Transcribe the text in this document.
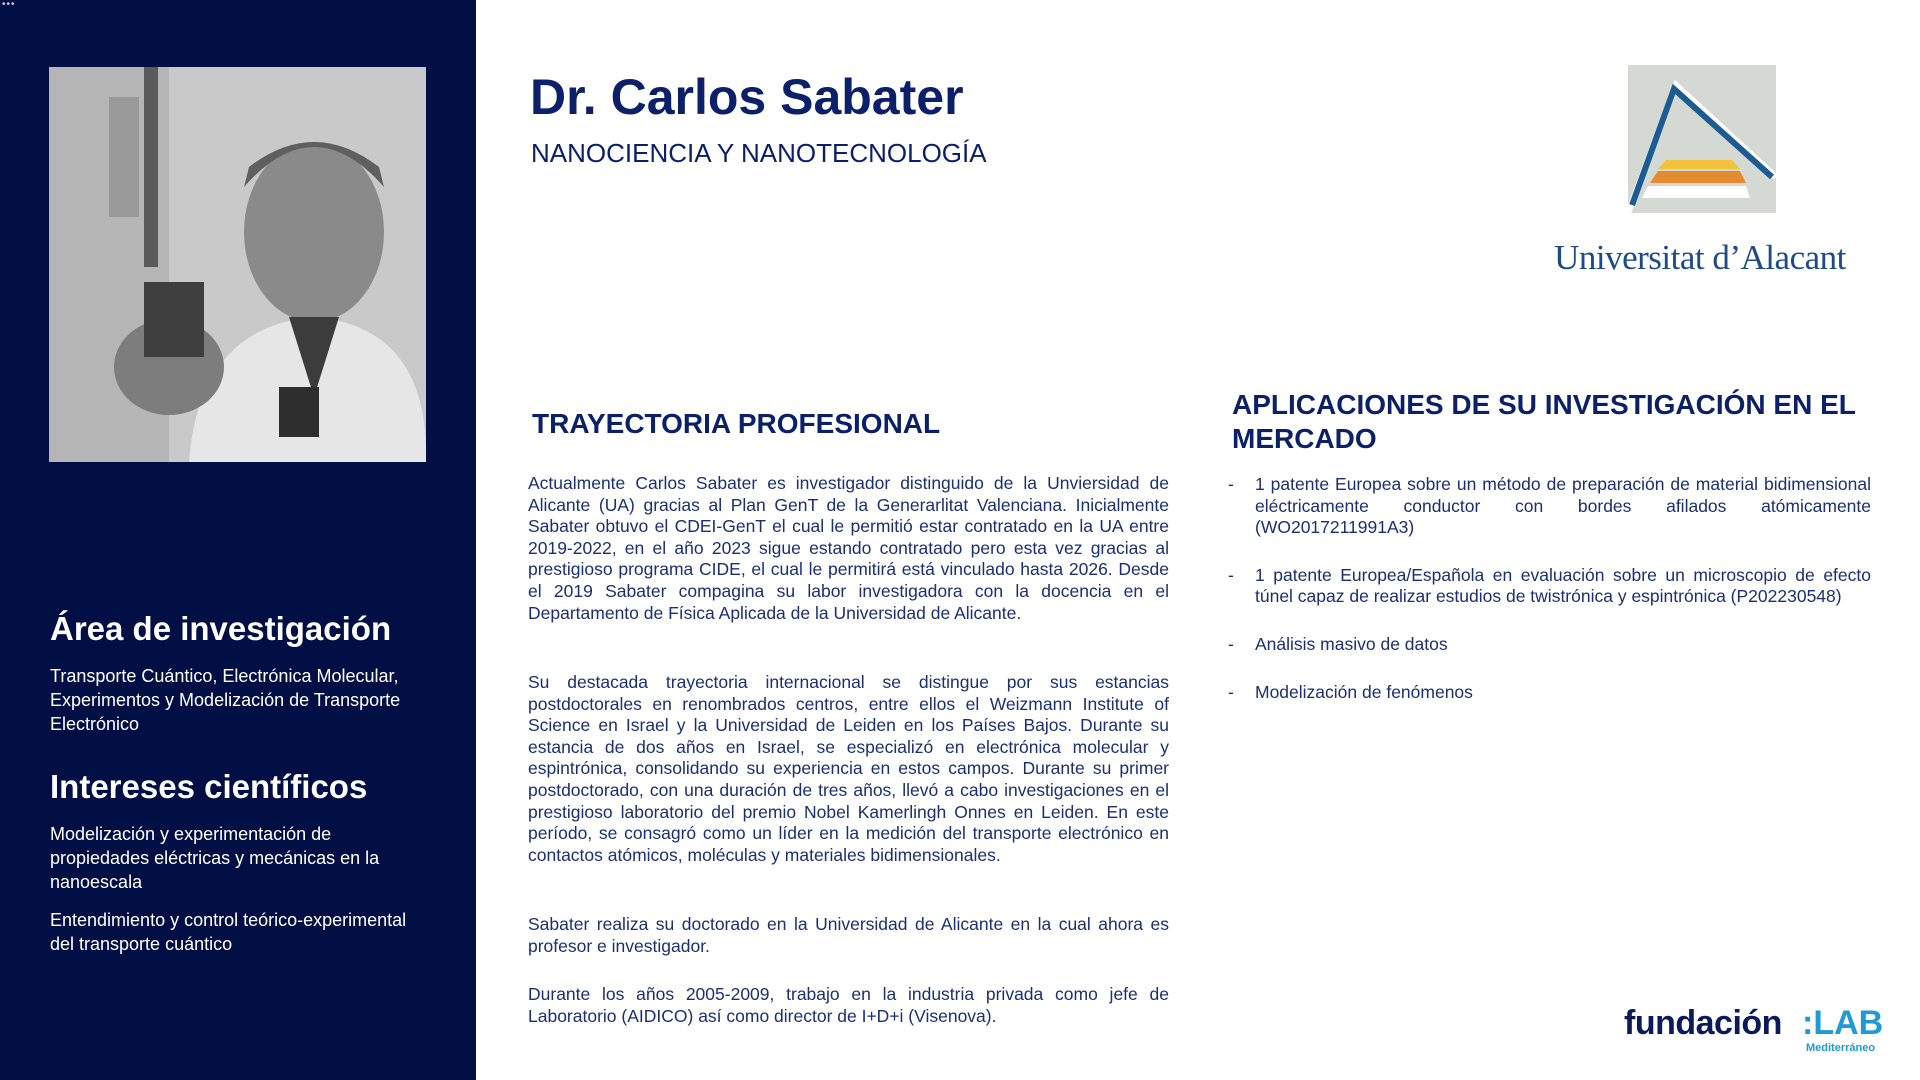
•••
Área de investigación

Transporte Cuántico, Electrónica Molecular, Experimentos y Modelización de Transporte Electrónico

Intereses científicos

Modelización y experimentación de propiedades eléctricas y mecánicas en la nanoescala

Entendimiento y control teórico-experimental del transporte cuántico

Dr. Carlos Sabater

NANOCIENCIA Y NANOTECNOLOGÍA

Universitat d’Alacant
TRAYECTORIA PROFESIONAL

Actualmente Carlos Sabater es investigador distinguido de la Unviersidad de Alicante (UA) gracias al Plan GenT de la Generarlitat Valenciana. Inicialmente Sabater obtuvo el CDEI-GenT el cual le permitió estar contratado en la UA entre 2019-2022, en el año 2023 sigue estando contratado pero esta vez gracias al prestigioso programa CIDE, el cual le permitirá está vinculado hasta 2026. Desde el 2019 Sabater compagina su labor investigadora con la docencia en el Departamento de Física Aplicada de la Universidad de Alicante.

Su destacada trayectoria internacional se distingue por sus estancias postdoctorales en renombrados centros, entre ellos el Weizmann Institute of Science en Israel y la Universidad de Leiden en los Países Bajos. Durante su estancia de dos años en Israel, se especializó en electrónica molecular y espintrónica, consolidando su experiencia en estos campos. Durante su primer postdoctorado, con una duración de tres años, llevó a cabo investigaciones en el prestigioso laboratorio del premio Nobel Kamerlingh Onnes en Leiden. En este período, se consagró como un líder en la medición del transporte electrónico en contactos atómicos, moléculas y materiales bidimensionales.

Sabater realiza su doctorado en la Universidad de Alicante en la cual ahora es profesor e investigador.

Durante los años 2005-2009, trabajo en la industria privada como jefe de Laboratorio (AIDICO) así como director de I+D+i (Visenova).

APLICACIONES DE SU INVESTIGACIÓN EN EL MERCADO
- 1 patente Europea sobre un método de preparación de material bidimensional eléctricamente conductor con bordes afilados atómicamente (WO2017211991A3)
- 1 patente Europea/Española en evaluación sobre un microscopio de efecto túnel capaz de realizar estudios de twistrónica y espintrónica (P202230548)
- Análisis masivo de datos
- Modelización de fenómenos
fundación :LAB
Mediterráneo
